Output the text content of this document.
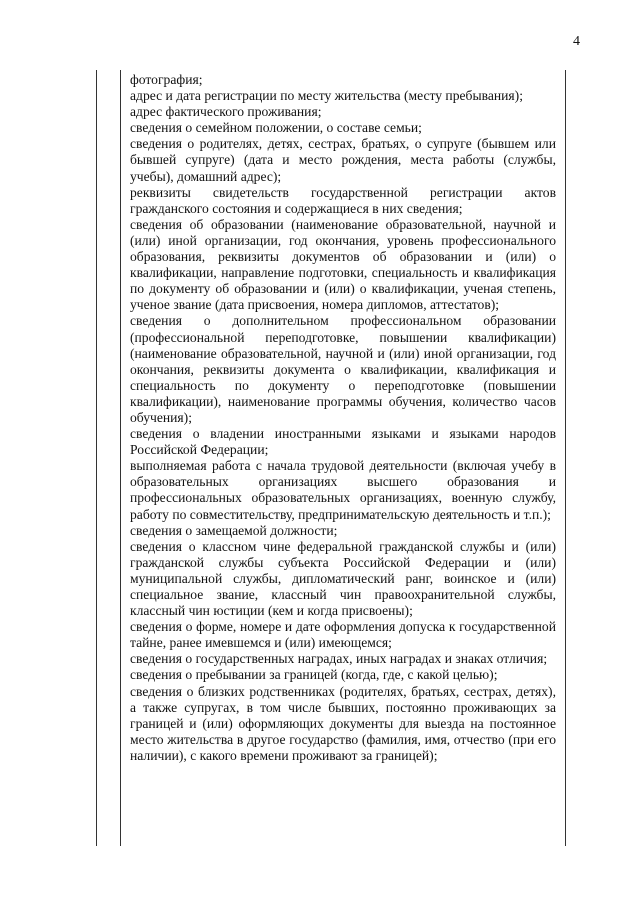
4

фотография;

адрес и дата регистрации по месту жительства (месту пребывания);

адрес фактического проживания;

сведения о семейном положении, о составе семьи;

сведения о родителях, детях, сестрах, братьях, о супруге (бывшем или бывшей супруге) (дата и место рождения, места работы (службы, учебы), домашний адрес);

реквизиты свидетельств государственной регистрации актов гражданского состояния и содержащиеся в них сведения;

сведения об образовании (наименование образовательной, научной и (или) иной организации, год окончания, уровень профессионального образования, реквизиты документов об образовании и (или) о квалификации, направление подготовки, специальность и квалификация по документу об образовании и (или) о квалификации, ученая степень, ученое звание (дата присвоения, номера дипломов, аттестатов);

сведения о дополнительном профессиональном образовании (профессиональной переподготовке, повышении квалификации) (наименование образовательной, научной и (или) иной организации, год окончания, реквизиты документа о квалификации, квалификация и специальность по документу о переподготовке (повышении квалификации), наименование программы обучения, количество часов обучения);

сведения о владении иностранными языками и языками народов Российской Федерации;

выполняемая работа с начала трудовой деятельности (включая учебу в образовательных организациях высшего образования и профессиональных образовательных организациях, военную службу, работу по совместительству, предпринимательскую деятельность и т.п.);

сведения о замещаемой должности;

сведения о классном чине федеральной гражданской службы и (или) гражданской службы субъекта Российской Федерации и (или) муниципальной службы, дипломатический ранг, воинское и (или) специальное звание, классный чин правоохранительной службы, классный чин юстиции (кем и когда присвоены);

сведения о форме, номере и дате оформления допуска к государственной тайне, ранее имевшемся и (или) имеющемся;

сведения о государственных наградах, иных наградах и знаках отличия;

сведения о пребывании за границей (когда, где, с какой целью);

сведения о близких родственниках (родителях, братьях, сестрах, детях), а также супругах, в том числе бывших, постоянно проживающих за границей и (или) оформляющих документы для выезда на постоянное место жительства в другое государство (фамилия, имя, отчество (при его наличии), с какого времени проживают за границей);
